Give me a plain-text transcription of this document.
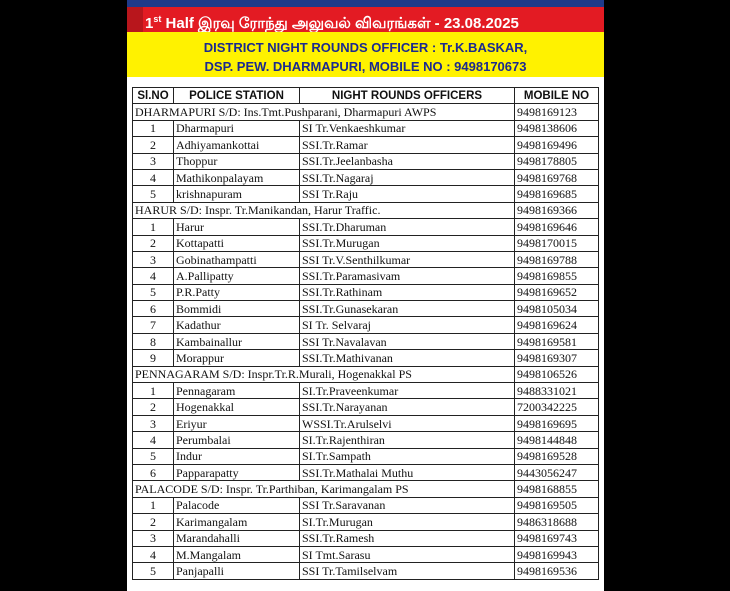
1st Half இரவு ரோந்து அலுவல் விவரங்கள் - 23.08.2025
DISTRICT NIGHT ROUNDS OFFICER : Tr.K.BASKAR,
DSP. PEW. DHARMAPURI, MOBILE NO : 9498170673
Sl.NO	POLICE STATION	NIGHT ROUNDS OFFICERS	MOBILE NO
DHARMAPURI S/D: Ins.Tmt.Pushparani, Dharmapuri AWPS			9498169123
1	Dharmapuri	SI Tr.Venkaeshkumar	9498138606
2	Adhiyamankottai	SSI.Tr.Ramar	9498169496
3	Thoppur	SSI.Tr.Jeelanbasha	9498178805
4	Mathikonpalayam	SSI.Tr.Nagaraj	9498169768
5	krishnapuram	SSI Tr.Raju	9498169685
HARUR S/D: Inspr. Tr.Manikandan, Harur Traffic.			9498169366
1	Harur	SSI.Tr.Dharuman	9498169646
2	Kottapatti	SSI.Tr.Murugan	9498170015
3	Gobinathampatti	SSI Tr.V.Senthilkumar	9498169788
4	A.Pallipatty	SSI.Tr.Paramasivam	9498169855
5	P.R.Patty	SSI.Tr.Rathinam	9498169652
6	Bommidi	SSI.Tr.Gunasekaran	9498105034
7	Kadathur	SI Tr. Selvaraj	9498169624
8	Kambainallur	SSI Tr.Navalavan	9498169581
9	Morappur	SSI.Tr.Mathivanan	9498169307
PENNAGARAM S/D: Inspr.Tr.R.Murali, Hogenakkal PS			9498106526
1	Pennagaram	SI.Tr.Praveenkumar	9488331021
2	Hogenakkal	SSI.Tr.Narayanan	7200342225
3	Eriyur	WSSI.Tr.Arulselvi	9498169695
4	Perumbalai	SI.Tr.Rajenthiran	9498144848
5	Indur	SI.Tr.Sampath	9498169528
6	Papparapatty	SSI.Tr.Mathalai Muthu	9443056247
PALACODE S/D: Inspr. Tr.Parthiban, Karimangalam PS			9498168855
1	Palacode	SSI Tr.Saravanan	9498169505
2	Karimangalam	SI.Tr.Murugan	9486318688
3	Marandahalli	SSI.Tr.Ramesh	9498169743
4	M.Mangalam	SI Tmt.Sarasu	9498169943
5	Panjapalli	SSI Tr.Tamilselvam	9498169536
